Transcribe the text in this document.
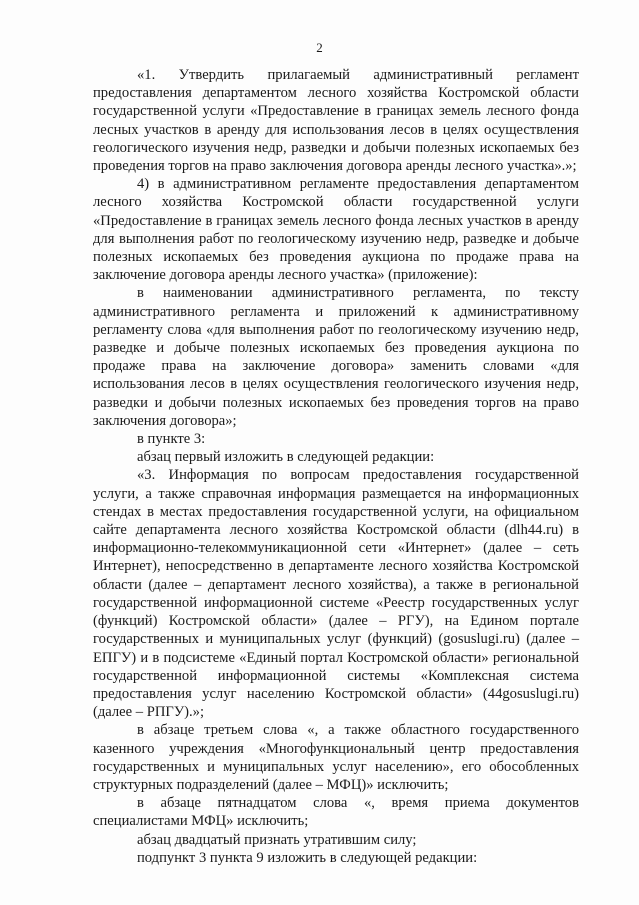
2

«1. Утвердить прилагаемый административный регламент предоставления департаментом лесного хозяйства Костромской области государственной услуги «Предоставление в границах земель лесного фонда лесных участков в аренду для использования лесов в целях осуществления геологического изучения недр, разведки и добычи полезных ископаемых без проведения торгов на право заключения договора аренды лесного участка».»;

4) в административном регламенте предоставления департаментом лесного хозяйства Костромской области государственной услуги «Предоставление в границах земель лесного фонда лесных участков в аренду для выполнения работ по геологическому изучению недр, разведке и добыче полезных ископаемых без проведения аукциона по продаже права на заключение договора аренды лесного участка» (приложение):

в наименовании административного регламента, по тексту административного регламента и приложений к административному регламенту слова «для выполнения работ по геологическому изучению недр, разведке и добыче полезных ископаемых без проведения аукциона по продаже права на заключение договора» заменить словами «для использования лесов в целях осуществления геологического изучения недр, разведки и добычи полезных ископаемых без проведения торгов на право заключения договора»;

в пункте 3:

абзац первый изложить в следующей редакции:

«3. Информация по вопросам предоставления государственной услуги, а также справочная информация размещается на информационных стендах в местах предоставления государственной услуги, на официальном сайте департамента лесного хозяйства Костромской области (dlh44.ru) в информационно-телекоммуникационной сети «Интернет» (далее – сеть Интернет), непосредственно в департаменте лесного хозяйства Костромской области (далее – департамент лесного хозяйства), а также в региональной государственной информационной системе «Реестр государственных услуг (функций) Костромской области» (далее – РГУ), на Едином портале государственных и муниципальных услуг (функций) (gosuslugi.ru) (далее – ЕПГУ) и в подсистеме «Единый портал Костромской области» региональной государственной информационной системы «Комплексная система предоставления услуг населению Костромской области» (44gosuslugi.ru) (далее – РПГУ).»;

в абзаце третьем слова «, а также областного государственного казенного учреждения «Многофункциональный центр предоставления государственных и муниципальных услуг населению», его обособленных структурных подразделений (далее – МФЦ)» исключить;

в абзаце пятнадцатом слова «, время приема документов специалистами МФЦ» исключить;

абзац двадцатый признать утратившим силу;

подпункт 3 пункта 9 изложить в следующей редакции:
